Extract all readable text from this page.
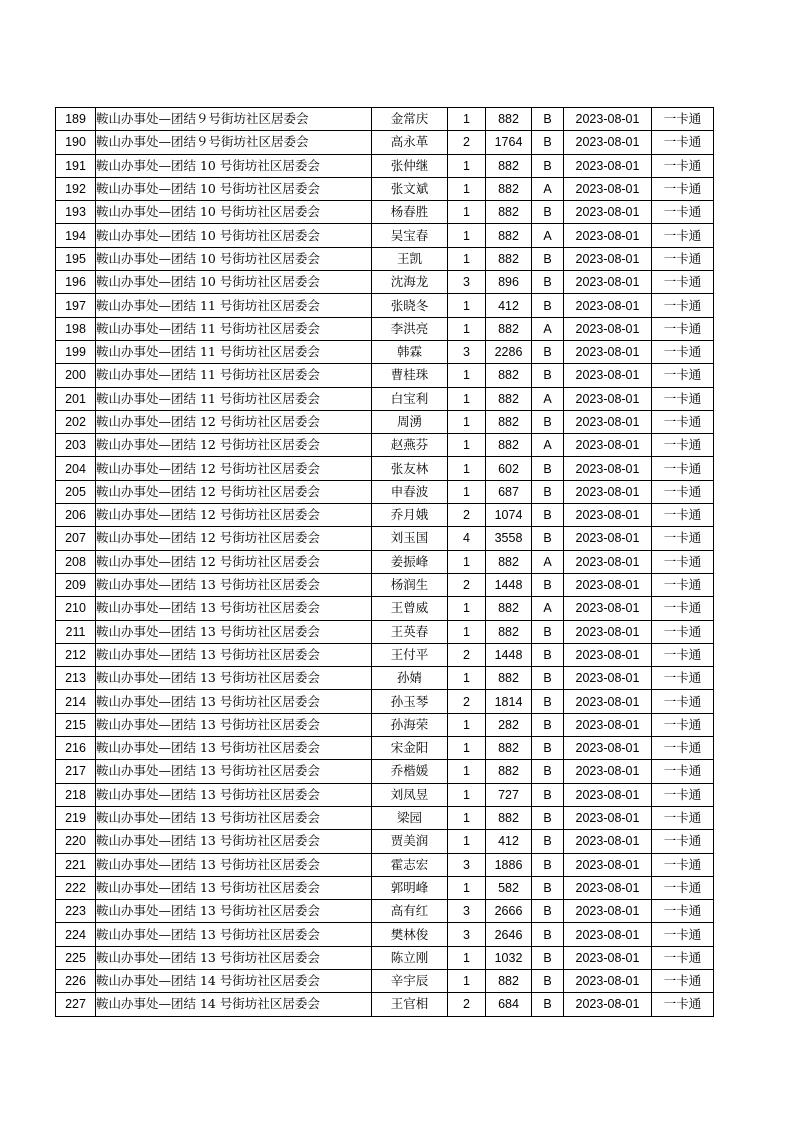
189	鞍山办事处—团结９号街坊社区居委会	金常庆	1	882	B	2023-08-01	一卡通
190	鞍山办事处—团结９号街坊社区居委会	高永革	2	1764	B	2023-08-01	一卡通
191	鞍山办事处—团结 10 号街坊社区居委会	张仲继	1	882	B	2023-08-01	一卡通
192	鞍山办事处—团结 10 号街坊社区居委会	张文斌	1	882	A	2023-08-01	一卡通
193	鞍山办事处—团结 10 号街坊社区居委会	杨春胜	1	882	B	2023-08-01	一卡通
194	鞍山办事处—团结 10 号街坊社区居委会	吴宝春	1	882	A	2023-08-01	一卡通
195	鞍山办事处—团结 10 号街坊社区居委会	王凯	1	882	B	2023-08-01	一卡通
196	鞍山办事处—团结 10 号街坊社区居委会	沈海龙	3	896	B	2023-08-01	一卡通
197	鞍山办事处—团结 11 号街坊社区居委会	张晓冬	1	412	B	2023-08-01	一卡通
198	鞍山办事处—团结 11 号街坊社区居委会	李洪亮	1	882	A	2023-08-01	一卡通
199	鞍山办事处—团结 11 号街坊社区居委会	韩霖	3	2286	B	2023-08-01	一卡通
200	鞍山办事处—团结 11 号街坊社区居委会	曹桂珠	1	882	B	2023-08-01	一卡通
201	鞍山办事处—团结 11 号街坊社区居委会	白宝利	1	882	A	2023-08-01	一卡通
202	鞍山办事处—团结 12 号街坊社区居委会	周湧	1	882	B	2023-08-01	一卡通
203	鞍山办事处—团结 12 号街坊社区居委会	赵燕芬	1	882	A	2023-08-01	一卡通
204	鞍山办事处—团结 12 号街坊社区居委会	张友林	1	602	B	2023-08-01	一卡通
205	鞍山办事处—团结 12 号街坊社区居委会	申春波	1	687	B	2023-08-01	一卡通
206	鞍山办事处—团结 12 号街坊社区居委会	乔月娥	2	1074	B	2023-08-01	一卡通
207	鞍山办事处—团结 12 号街坊社区居委会	刘玉国	4	3558	B	2023-08-01	一卡通
208	鞍山办事处—团结 12 号街坊社区居委会	姜振峰	1	882	A	2023-08-01	一卡通
209	鞍山办事处—团结 13 号街坊社区居委会	杨润生	2	1448	B	2023-08-01	一卡通
210	鞍山办事处—团结 13 号街坊社区居委会	王曾威	1	882	A	2023-08-01	一卡通
211	鞍山办事处—团结 13 号街坊社区居委会	王英春	1	882	B	2023-08-01	一卡通
212	鞍山办事处—团结 13 号街坊社区居委会	王付平	2	1448	B	2023-08-01	一卡通
213	鞍山办事处—团结 13 号街坊社区居委会	孙婧	1	882	B	2023-08-01	一卡通
214	鞍山办事处—团结 13 号街坊社区居委会	孙玉琴	2	1814	B	2023-08-01	一卡通
215	鞍山办事处—团结 13 号街坊社区居委会	孙海荣	1	282	B	2023-08-01	一卡通
216	鞍山办事处—团结 13 号街坊社区居委会	宋金阳	1	882	B	2023-08-01	一卡通
217	鞍山办事处—团结 13 号街坊社区居委会	乔楷媛	1	882	B	2023-08-01	一卡通
218	鞍山办事处—团结 13 号街坊社区居委会	刘凤昱	1	727	B	2023-08-01	一卡通
219	鞍山办事处—团结 13 号街坊社区居委会	梁园	1	882	B	2023-08-01	一卡通
220	鞍山办事处—团结 13 号街坊社区居委会	贾美润	1	412	B	2023-08-01	一卡通
221	鞍山办事处—团结 13 号街坊社区居委会	霍志宏	3	1886	B	2023-08-01	一卡通
222	鞍山办事处—团结 13 号街坊社区居委会	郭明峰	1	582	B	2023-08-01	一卡通
223	鞍山办事处—团结 13 号街坊社区居委会	高有红	3	2666	B	2023-08-01	一卡通
224	鞍山办事处—团结 13 号街坊社区居委会	樊林俊	3	2646	B	2023-08-01	一卡通
225	鞍山办事处—团结 13 号街坊社区居委会	陈立刚	1	1032	B	2023-08-01	一卡通
226	鞍山办事处—团结 14 号街坊社区居委会	辛宇辰	1	882	B	2023-08-01	一卡通
227	鞍山办事处—团结 14 号街坊社区居委会	王官相	2	684	B	2023-08-01	一卡通
